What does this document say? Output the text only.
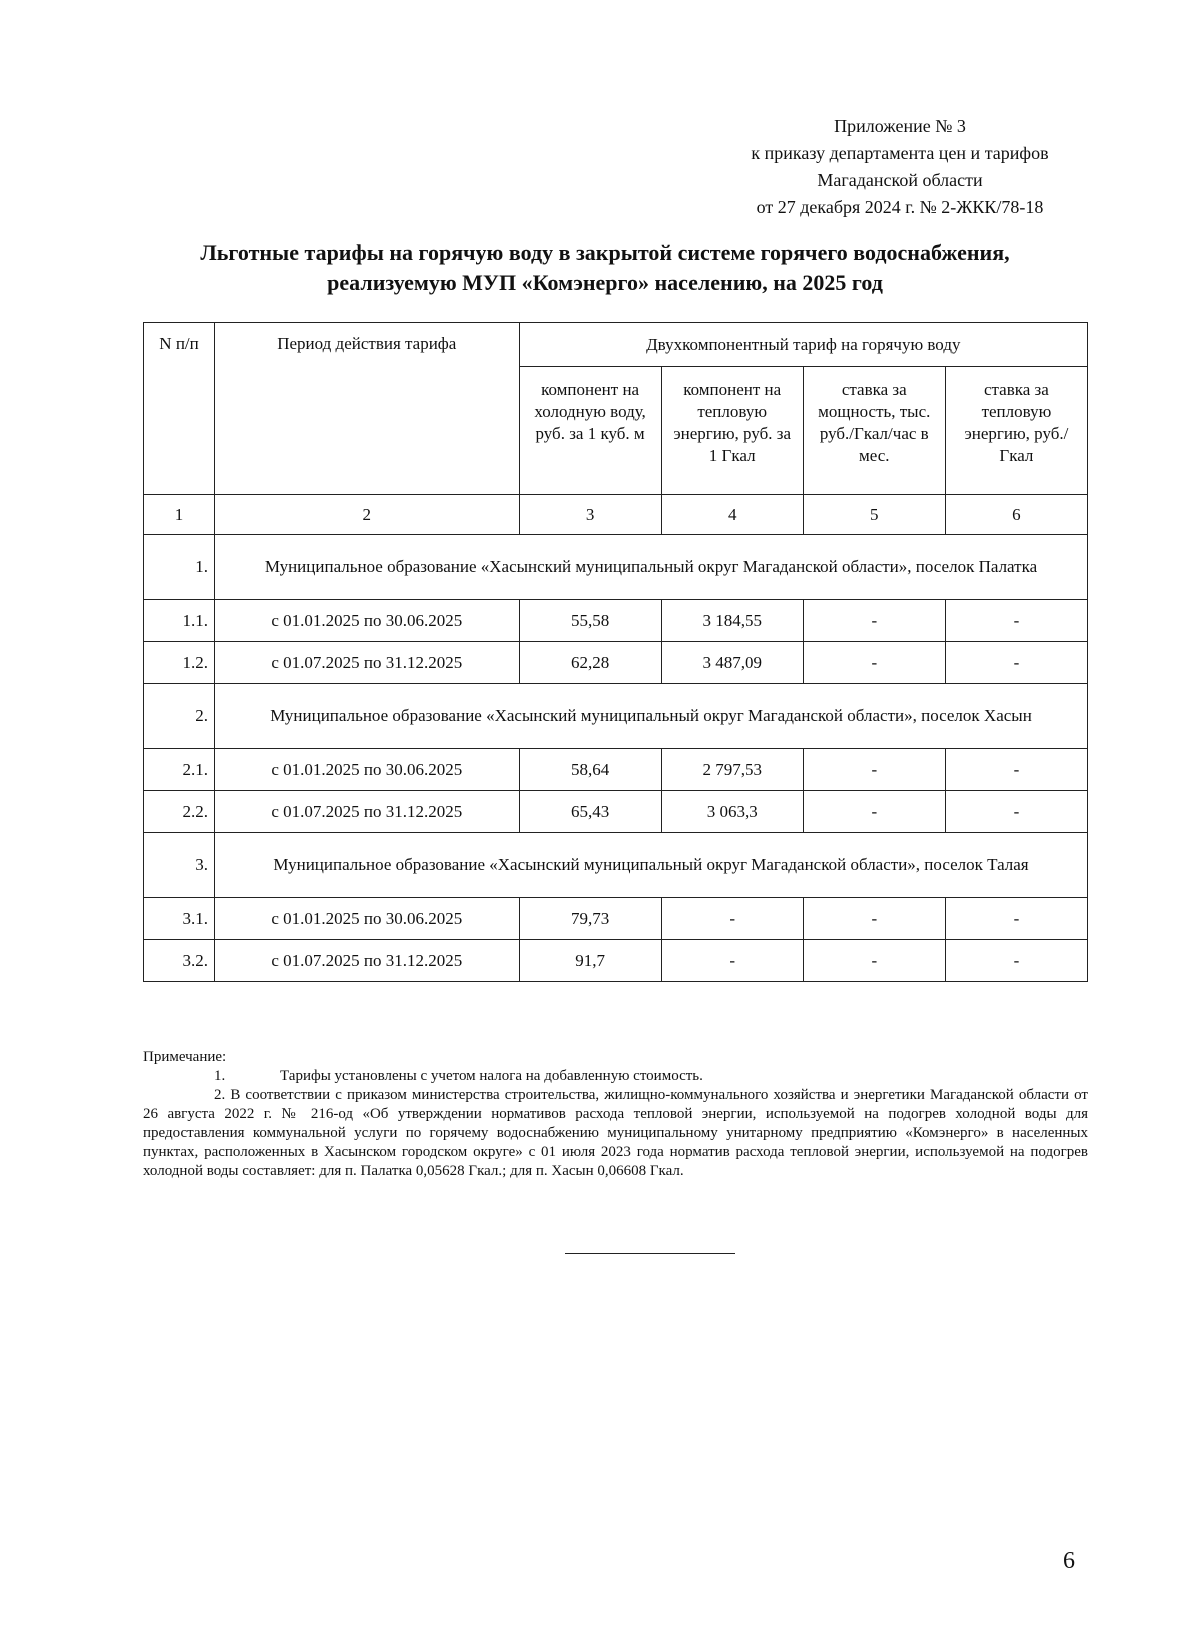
Приложение № 3
к приказу департамента цен и тарифов
Магаданской области
от 27 декабря 2024 г. № 2-ЖКК/78-18
Льготные тарифы на горячую воду в закрытой системе горячего водоснабжения,
реализуемую МУП «Комэнерго» населению, на 2025 год
N п/п	Период действия тарифа	Двухкомпонентный тариф на горячую воду			
		компонент на холодную воду, руб. за 1 куб. м	компонент на тепловую энергию, руб. за 1 Гкал	ставка за мощность, тыс. руб./Гкал/час в мес.	ставка за тепловую энергию, руб./Гкал
1	2	3	4	5	6
1.	Муниципальное образование «Хасынский муниципальный округ Магаданской области», поселок Палатка				
1.1.	с 01.01.2025 по 30.06.2025	55,58	3 184,55	-	-
1.2.	с 01.07.2025 по 31.12.2025	62,28	3 487,09	-	-
2.	Муниципальное образование «Хасынский муниципальный округ Магаданской области», поселок Хасын				
2.1.	с 01.01.2025 по 30.06.2025	58,64	2 797,53	-	-
2.2.	с 01.07.2025 по 31.12.2025	65,43	3 063,3	-	-
3.	Муниципальное образование «Хасынский муниципальный округ Магаданской области», поселок Талая				
3.1.	с 01.01.2025 по 30.06.2025	79,73	-	-	-
3.2.	с 01.07.2025 по 31.12.2025	91,7	-	-	-

Примечание:

1.	Тарифы установлены с учетом налога на добавленную стоимость.

2. В соответствии с приказом министерства строительства, жилищно-коммунального хозяйства и энергетики Магаданской области от 26 августа 2022 г. № 216-од «Об утверждении нормативов расхода тепловой энергии, используемой на подогрев холодной воды для предоставления коммунальной услуги по горячему водоснабжению муниципальному унитарному предприятию «Комэнерго» в населенных пунктах, расположенных в Хасынском городском округе» с 01 июля 2023 года норматив расхода тепловой энергии, используемой на подогрев холодной воды составляет: для п. Палатка 0,05628 Гкал.; для п. Хасын 0,06608 Гкал.

6
